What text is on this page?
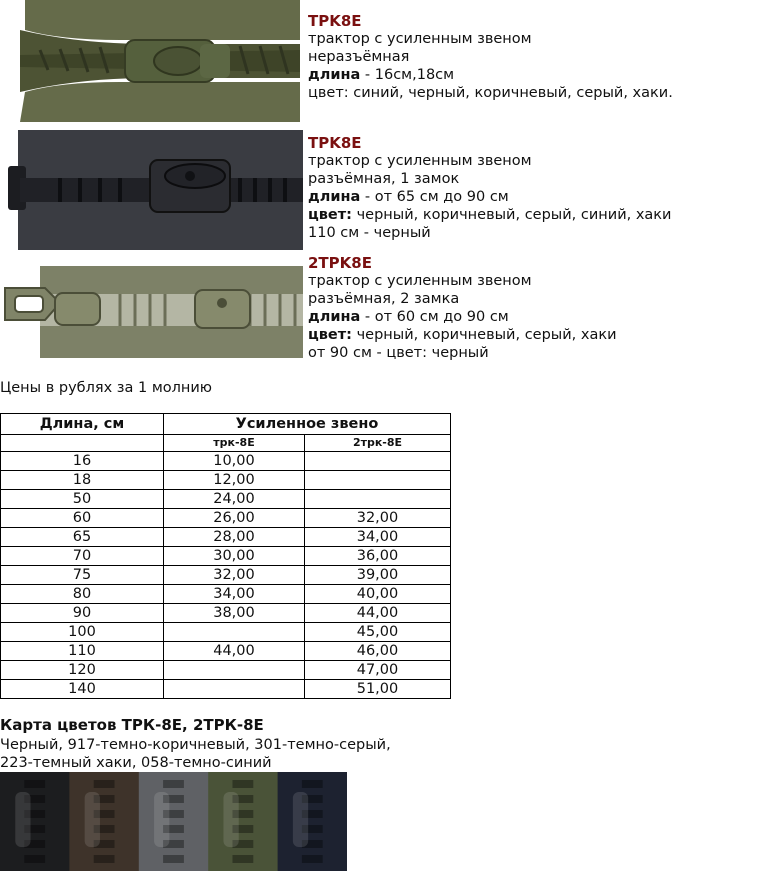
TPK8E
трактор с усиленным звеном
неразъёмная
длина - 16см,18см
цвет: синий, черный, коричневый, серый, хаки.
TPK8E
трактор с усиленным звеном
разъёмная, 1 замок
длина - от 65 см до 90 см
цвет: черный, коричневый, серый, синий, хаки
110 см - черный
2TPK8E
трактор с усиленным звеном
разъёмная, 2 замка
длина - от 60 см до 90 см
цвет: черный, коричневый, серый, хаки
от 90 см - цвет: черный
Цены в рублях за 1 молнию
Длина, см	Усиленное звено	
	трк-8E	2трк-8E
16	10,00	
18	12,00	
50	24,00	
60	26,00	32,00
65	28,00	34,00
70	30,00	36,00
75	32,00	39,00
80	34,00	40,00
90	38,00	44,00
100		45,00
110	44,00	46,00
120		47,00
140		51,00
Карта цветов ТРК-8Е, 2ТРК-8Е
Черный, 917-темно-коричневый, 301-темно-серый,
223-темный хаки, 058-темно-синий
